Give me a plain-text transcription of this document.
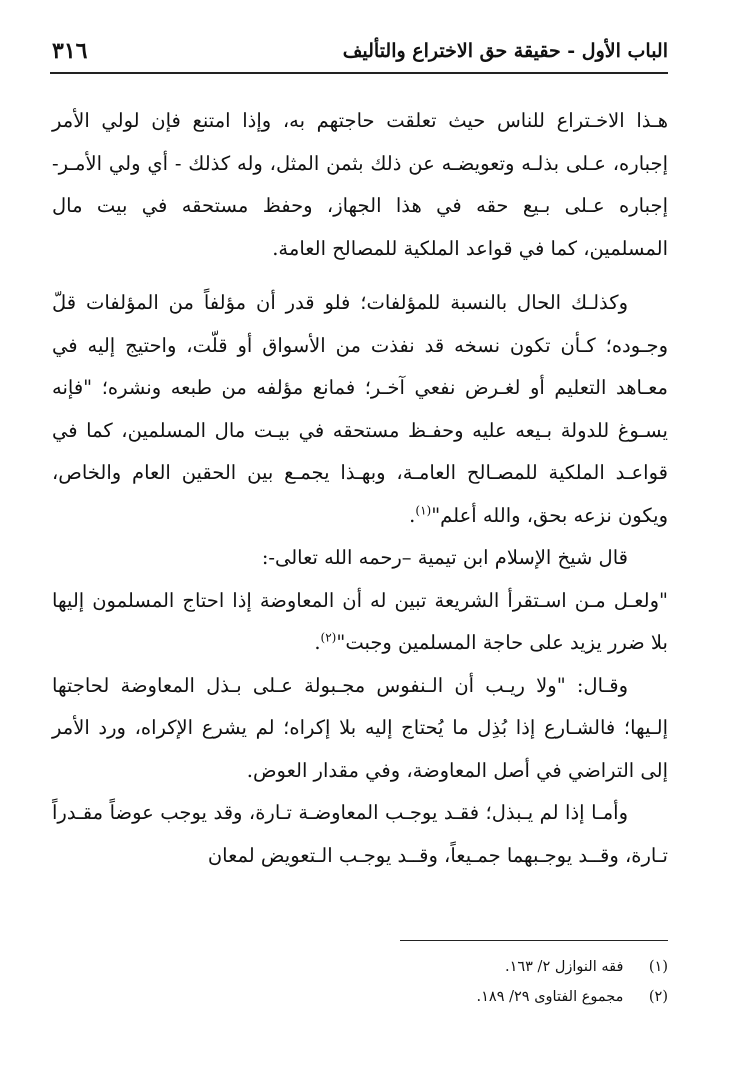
الباب الأول - حقيقة حق الاختراع والتأليف
٣١٦

هـذا الاخـتراع للناس حيث تعلقت حاجتهم به، وإذا امتنع فإن لولي الأمر إجباره، عـلى بذلـه وتعويضـه عن ذلك بثمن المثل، وله كذلك - أي ولي الأمـر- إجباره عـلى بـيع حقه في هذا الجهاز، وحفظ مستحقه في بيت مال المسلمين، كما في قواعد الملكية للمصالح العامة.

وكذلـك الحال بالنسبة للمؤلفات؛ فلو قدر أن مؤلفاً من المؤلفات قلّ وجـوده؛ كـأن تكون نسخه قد نفذت من الأسواق أو قلّت، واحتيج إليه في معـاهد التعليم أو لغـرض نفعي آخـر؛ فمانع مؤلفه من طبعه ونشره؛ "فإنه يسـوغ للدولة بـيعه عليه وحفـظ مستحقه في بيـت مال المسلمين، كما في قواعـد الملكية للمصـالح العامـة، وبهـذا يجمـع بين الحقين العام والخاص، ويكون نزعه بحق، والله أعلم"$^{(١)}$.

قال شيخ الإسلام ابن تيمية –رحمه الله تعالى-:

"ولعـل مـن اسـتقرأ الشريعة تبين له أن المعاوضة إذا احتاج المسلمون إليها بلا ضرر يزيد على حاجة المسلمين وجبت"$^{(٢)}$.

وقـال: "ولا ريـب أن الـنفوس مجـبولة عـلى بـذل المعاوضة لحاجتها إلـيها؛ فالشـارع إذا بُذِل ما يُحتاج إليه بلا إكراه؛ لم يشرع الإكراه، ورد الأمر إلى التراضي في أصل المعاوضة، وفي مقدار العوض.

وأمـا إذا لم يـبذل؛ فقـد يوجـب المعاوضـة تـارة، وقد يوجب عوضاً مقـدراً تـارة، وقــد يوجـبهما جمـيعاً، وقــد يوجـب الـتعويض لمعان

(١) فقه النوازل ٢/ ١٦٣.
(٢) مجموع الفتاوى ٢٩/ ١٨٩.
